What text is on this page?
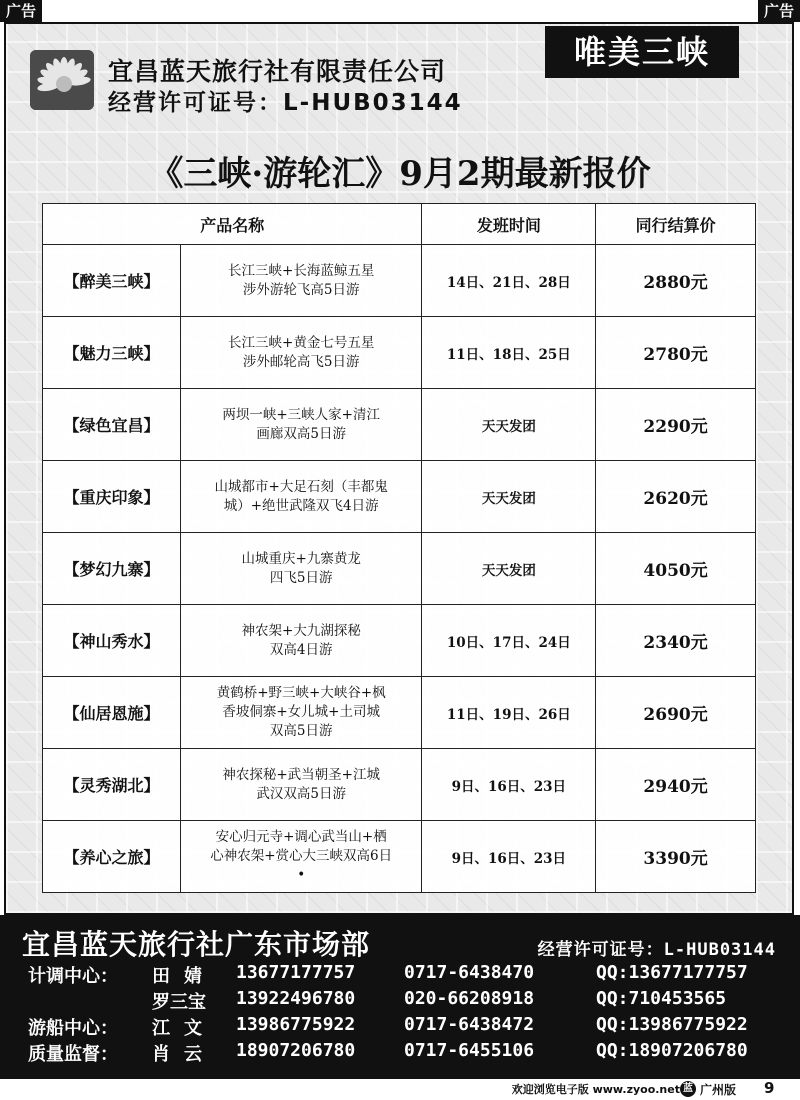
广告	广告
宜昌蓝天旅行社有限责任公司
经营许可证号：L-HUB03144
唯美三峡
《三峡·游轮汇》9月2期最新报价
产品名称		发班时间	同行结算价
【醉美三峡】	长江三峡+长海蓝鲸五星
涉外游轮飞高5日游	14日、21日、28日	2880元
【魅力三峡】	长江三峡+黄金七号五星
涉外邮轮高飞5日游	11日、18日、25日	2780元
【绿色宜昌】	两坝一峡+三峡人家+清江
画廊双高5日游	天天发团	2290元
【重庆印象】	山城都市+大足石刻（丰都鬼
城）+绝世武隆双飞4日游	天天发团	2620元
【梦幻九寨】	山城重庆+九寨黄龙
四飞5日游	天天发团	4050元
【神山秀水】	神农架+大九湖探秘
双高4日游	10日、17日、24日	2340元
【仙居恩施】	黄鹤桥+野三峡+大峡谷+枫
香坡侗寨+女儿城+土司城
双高5日游	11日、19日、26日	2690元
【灵秀湖北】	神农探秘+武当朝圣+江城
武汉双高5日游	9日、16日、23日	2940元
【养心之旅】	安心归元寺+调心武当山+栖
心神农架+赏心大三峡双高6日
•	9日、16日、23日	3390元
宜昌蓝天旅行社广东市场部	经营许可证号：L-HUB03144
计调中心： 田婧 13677177757	0717-6438470	QQ:13677177757
罗三宝 13922496780	020-66208918	QQ:710453565
游船中心： 江文 13986775922	0717-6438472	QQ:13986775922
质量监督： 肖云 18907206780	0717-6455106	QQ:18907206780
欢迎浏览电子版 www.zyoo.net 蓝 广州版 9
